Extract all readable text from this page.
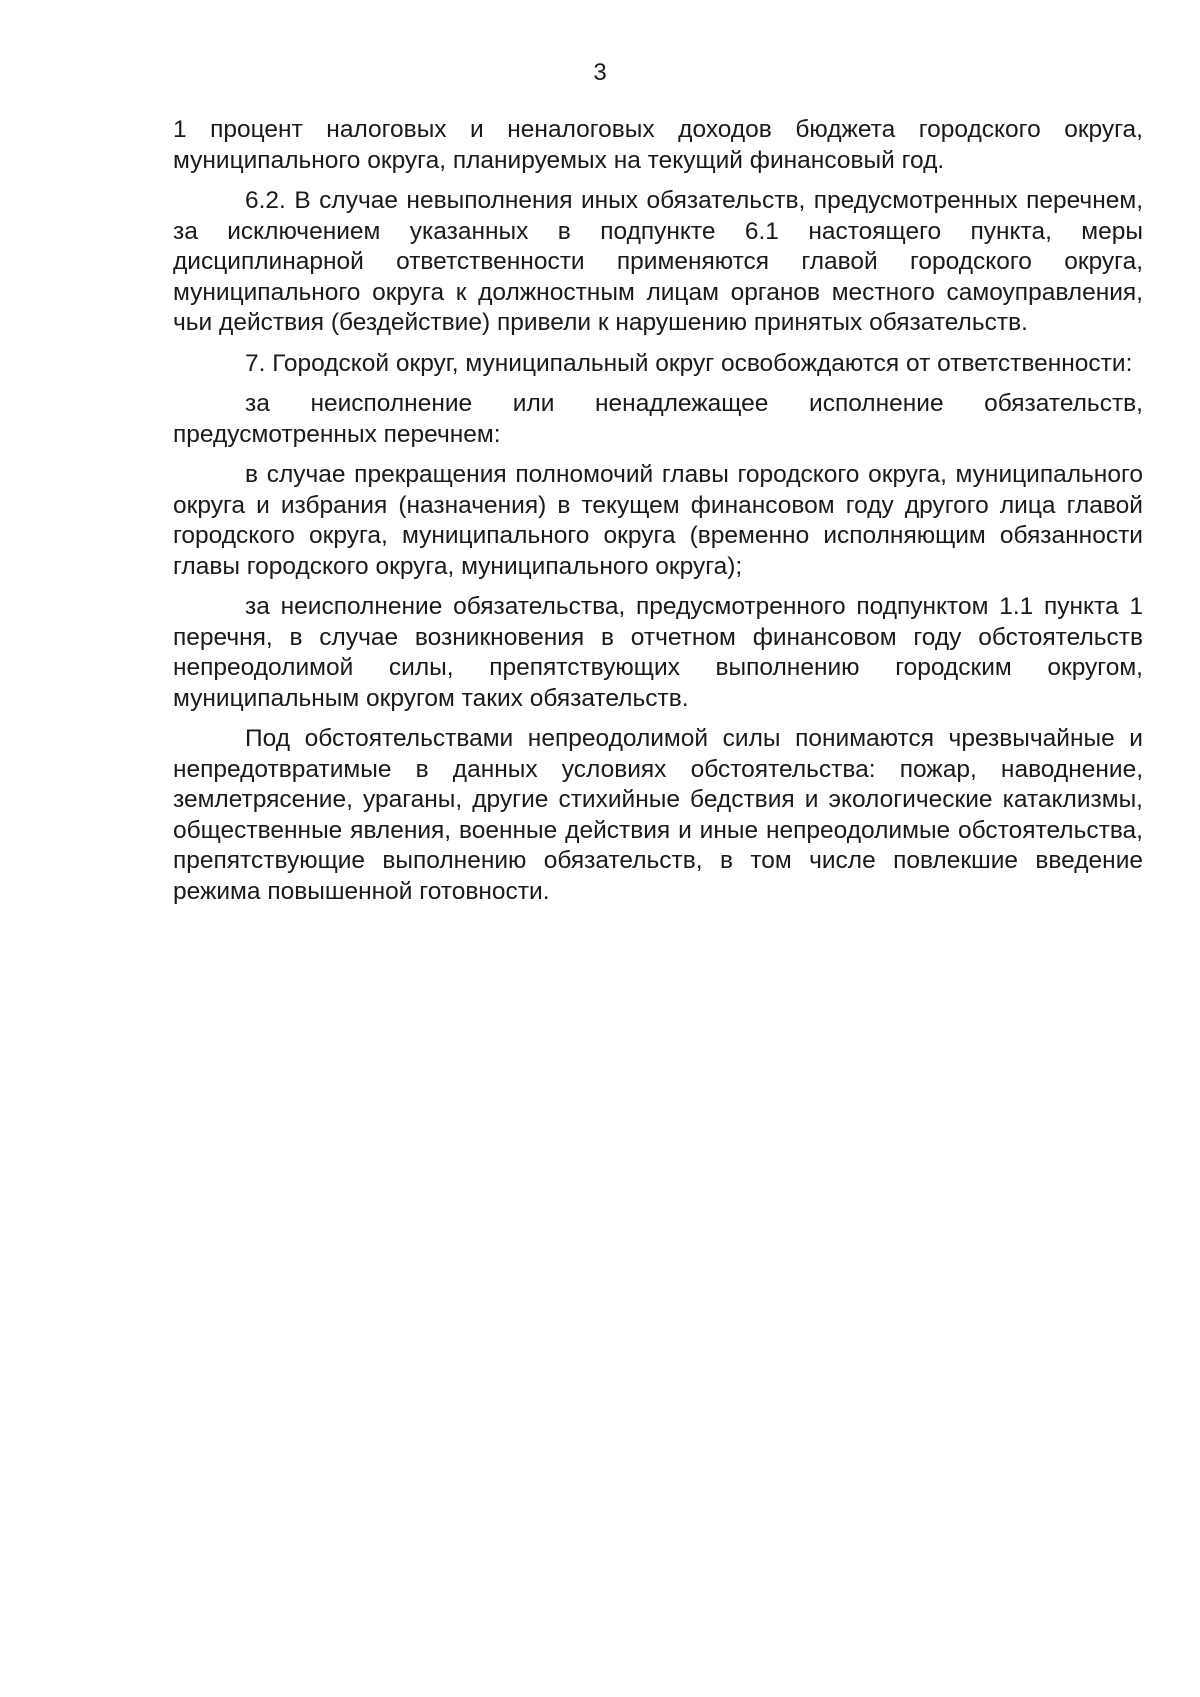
3

1 процент налоговых и неналоговых доходов бюджета городского округа, муниципального округа, планируемых на текущий финансовый год.

6.2. В случае невыполнения иных обязательств, предусмотренных перечнем, за исключением указанных в подпункте 6.1 настоящего пункта, меры дисциплинарной ответственности применяются главой городского округа, муниципального округа к должностным лицам органов местного самоуправления, чьи действия (бездействие) привели к нарушению принятых обязательств.

7. Городской округ, муниципальный округ освобождаются от ответственности:

за неисполнение или ненадлежащее исполнение обязательств, предусмотренных перечнем:

в случае прекращения полномочий главы городского округа, муниципального округа и избрания (назначения) в текущем финансовом году другого лица главой городского округа, муниципального округа (временно исполняющим обязанности главы городского округа, муниципального округа);

за неисполнение обязательства, предусмотренного подпунктом 1.1 пункта 1 перечня, в случае возникновения в отчетном финансовом году обстоятельств непреодолимой силы, препятствующих выполнению городским округом, муниципальным округом таких обязательств.

Под обстоятельствами непреодолимой силы понимаются чрезвычайные и непредотвратимые в данных условиях обстоятельства: пожар, наводнение, землетрясение, ураганы, другие стихийные бедствия и экологические катаклизмы, общественные явления, военные действия и иные непреодолимые обстоятельства, препятствующие выполнению обязательств, в том числе повлекшие введение режима повышенной готовности.
